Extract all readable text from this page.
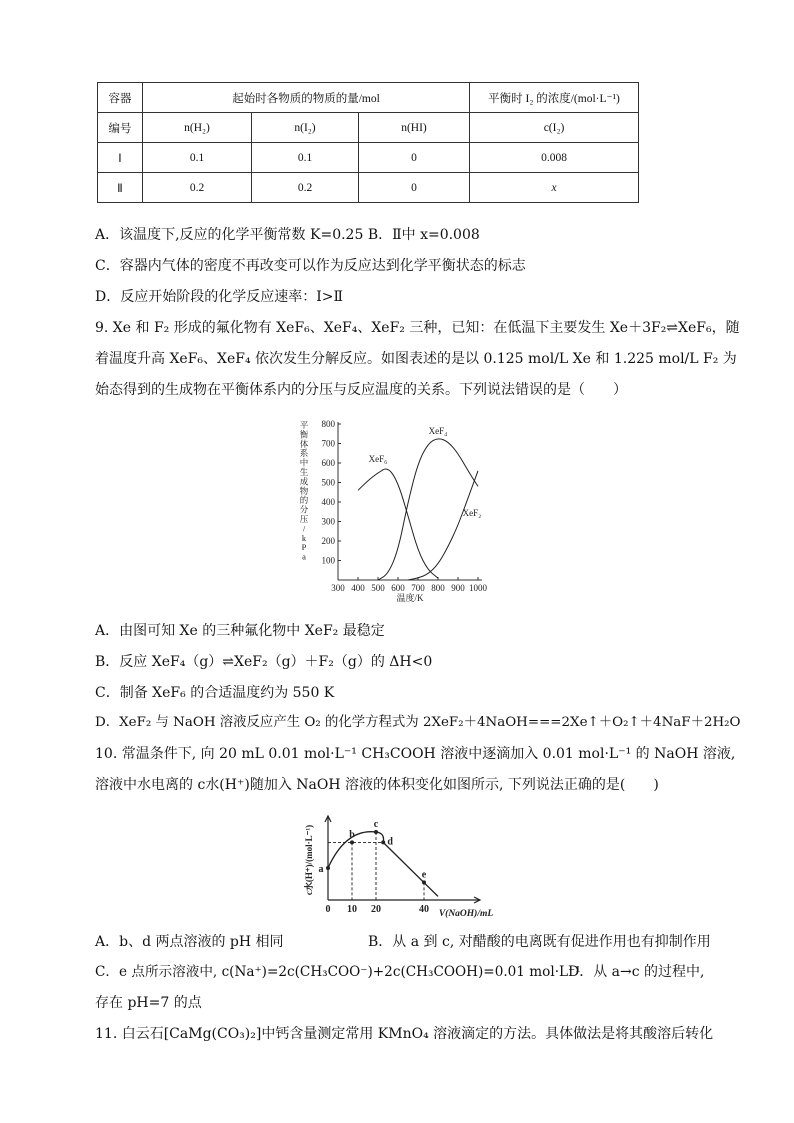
容器	起始时各物质的物质的量/mol			平衡时 I₂ 的浓度/(mol·L⁻¹)
编号	n(H₂)	n(I₂)	n(HI)	c(I₂)
Ⅰ	0.1	0.1	0	0.008
Ⅱ	0.2	0.2	0	x
A．该温度下,反应的化学平衡常数 K=0.25 B．Ⅱ中 x=0.008
C．容器内气体的密度不再改变可以作为反应达到化学平衡状态的标志
D．反应开始阶段的化学反应速率：Ⅰ>Ⅱ
9. Xe 和 F₂ 形成的氟化物有 XeF₆、XeF₄、XeF₂ 三种，已知：在低温下主要发生 Xe＋3F₂⇌XeF₆，随
着温度升高 XeF₆、XeF₄ 依次发生分解反应。如图表述的是以 0.125 mol/L Xe 和 1.225 mol/L F₂ 为
始态得到的生成物在平衡体系内的分压与反应温度的关系。下列说法错误的是（　　）
平
衡
体
系
中
生
成
物
的
分
压
/
k
P
a 100
200
300
400
500
600
700
800
300 400 500 600 700 800 900 1000
XeF₆
XeF₄
XeF₂
温度/K
A．由图可知 Xe 的三种氟化物中 XeF₂ 最稳定
B．反应 XeF₄（g）⇌XeF₂（g）＋F₂（g）的 ΔH<0
C．制备 XeF₆ 的合适温度约为 550 K
D．XeF₂ 与 NaOH 溶液反应产生 O₂ 的化学方程式为 2XeF₂＋4NaOH===2Xe↑＋O₂↑＋4NaF＋2H₂O
10. 常温条件下, 向 20 mL 0.01 mol·L⁻¹ CH₃COOH 溶液中逐滴加入 0.01 mol·L⁻¹ 的 NaOH 溶液,
溶液中水电离的 c水(H⁺)随加入 NaOH 溶液的体积变化如图所示, 下列说法正确的是(　　)
c水(H⁺)/(mol·L⁻¹) a
b
c
d
e
0 10 20	40 V(NaOH)/mL
A．b、d 两点溶液的 pH 相同	B．从 a 到 c, 对醋酸的电离既有促进作用也有抑制作用
C．e 点所示溶液中, c(Na⁺)=2c(CH₃COO⁻)+2c(CH₃COOH)=0.01 mol·L⁻¹
D．从 a→c 的过程中,
存在 pH=7 的点
11. 白云石[CaMg(CO₃)₂]中钙含量测定常用 KMnO₄ 溶液滴定的方法。具体做法是将其酸溶后转化
